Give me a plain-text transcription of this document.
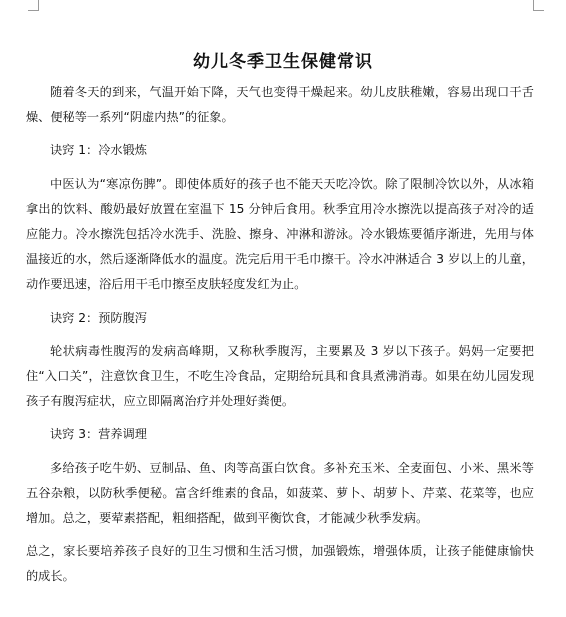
幼儿冬季卫生保健常识

随着冬天的到来，气温开始下降，天气也变得干燥起来。幼儿皮肤稚嫩，容易出现口干舌燥、便秘等一系列“阴虚内热”的征象。

诀窍 1：冷水锻炼

中医认为“寒凉伤脾”。即使体质好的孩子也不能天天吃冷饮。除了限制冷饮以外，从冰箱拿出的饮料、酸奶最好放置在室温下 15 分钟后食用。秋季宜用冷水擦洗以提高孩子对冷的适应能力。冷水擦洗包括冷水洗手、洗脸、擦身、冲淋和游泳。冷水锻炼要循序渐进，先用与体温接近的水，然后逐渐降低水的温度。洗完后用干毛巾擦干。冷水冲淋适合 3 岁以上的儿童，动作要迅速，浴后用干毛巾擦至皮肤轻度发红为止。

诀窍 2：预防腹泻

轮状病毒性腹泻的发病高峰期，又称秋季腹泻，主要累及 3 岁以下孩子。妈妈一定要把住“入口关”，注意饮食卫生，不吃生冷食品，定期给玩具和食具煮沸消毒。如果在幼儿园发现孩子有腹泻症状，应立即隔离治疗并处理好粪便。

诀窍 3：营养调理

多给孩子吃牛奶、豆制品、鱼、肉等高蛋白饮食。多补充玉米、全麦面包、小米、黑米等五谷杂粮，以防秋季便秘。富含纤维素的食品，如菠菜、萝卜、胡萝卜、芹菜、花菜等，也应增加。总之，要荤素搭配，粗细搭配，做到平衡饮食，才能减少秋季发病。

总之，家长要培养孩子良好的卫生习惯和生活习惯，加强锻炼，增强体质，让孩子能健康愉快的成长。
